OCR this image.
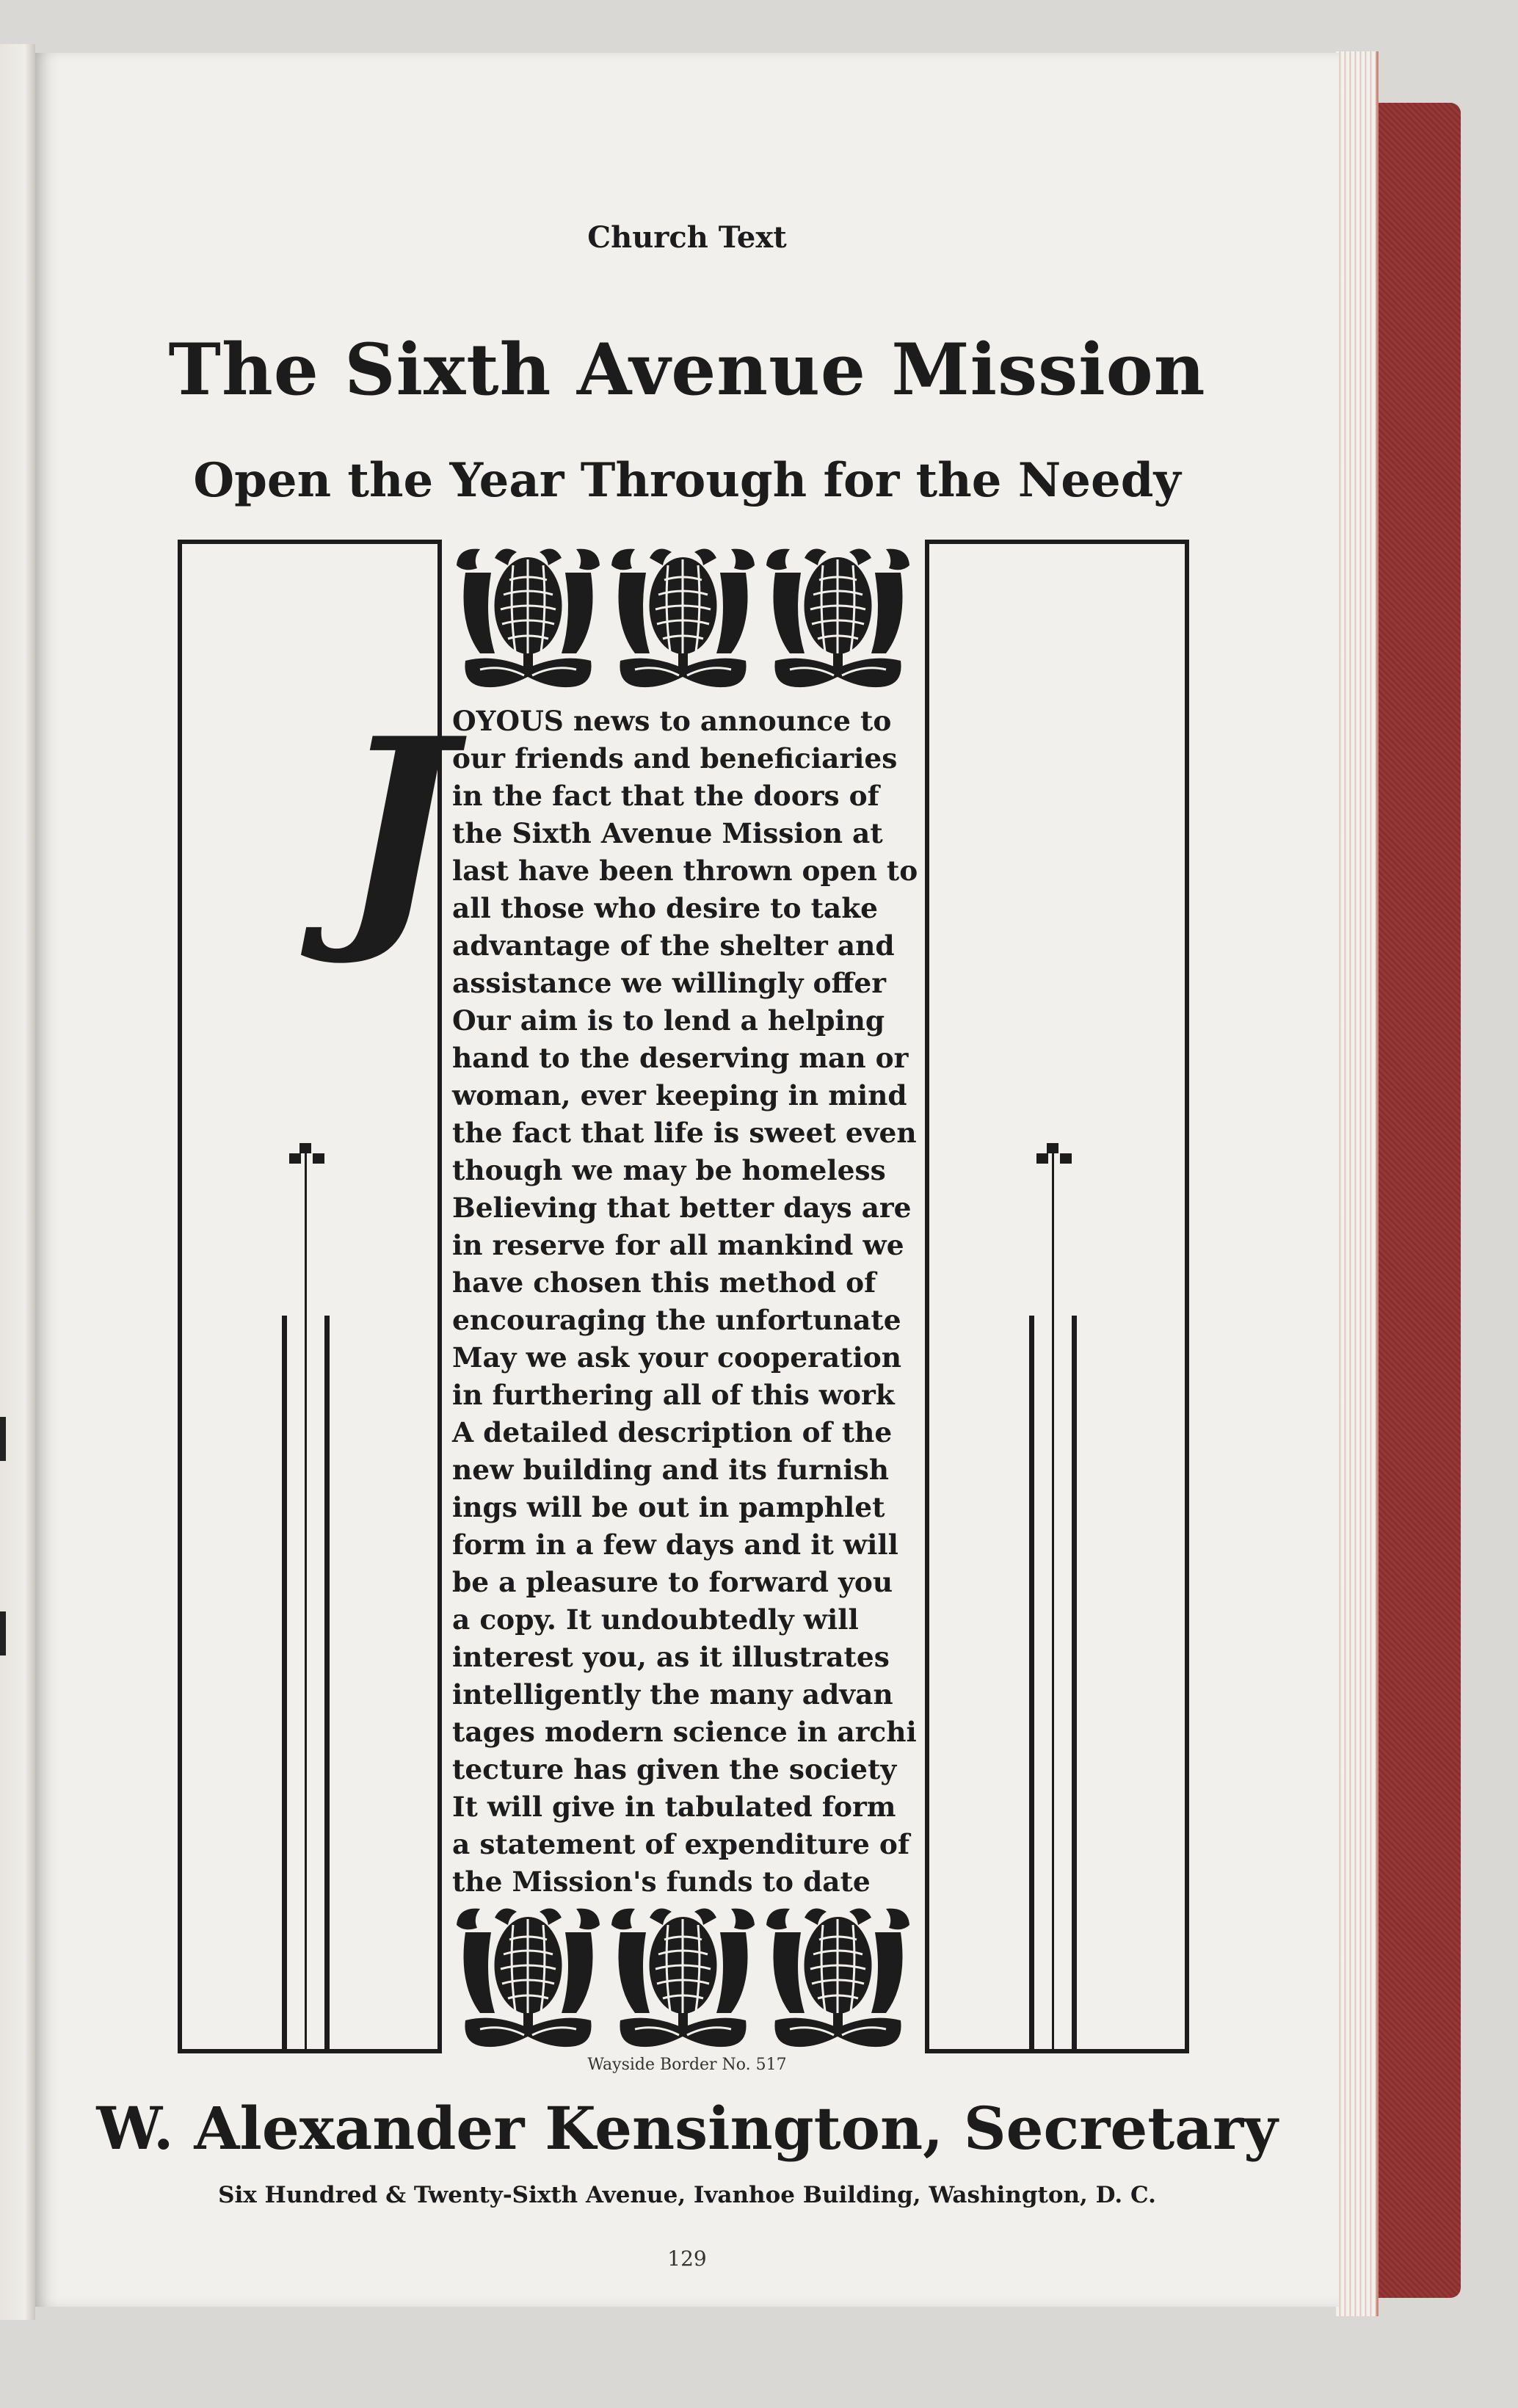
Church Text

The Sixth Avenue Mission
Open the Year Through for the Needy

J

OYOUS news to announce to
our friends and beneficiaries
in the fact that the doors of
the Sixth Avenue Mission at
last have been thrown open to
all those who desire to take
advantage of the shelter and
assistance we willingly offer
Our aim is to lend a helping
hand to the deserving man or
woman, ever keeping in mind
the fact that life is sweet even
though we may be homeless
Believing that better days are
in reserve for all mankind we
have chosen this method of
encouraging the unfortunate
May we ask your cooperation
in furthering all of this work
A detailed description of the
new building and its furnish
ings will be out in pamphlet
form in a few days and it will
be a pleasure to forward you
a copy. It undoubtedly will
interest you, as it illustrates
intelligently the many advan
tages modern science in archi
tecture has given the society
It will give in tabulated form
a statement of expenditure of
the Mission's funds to date

Wayside Border No. 517

W. Alexander Kensington, Secretary

Six Hundred & Twenty-Sixth Avenue, Ivanhoe Building, Washington, D. C.

129
